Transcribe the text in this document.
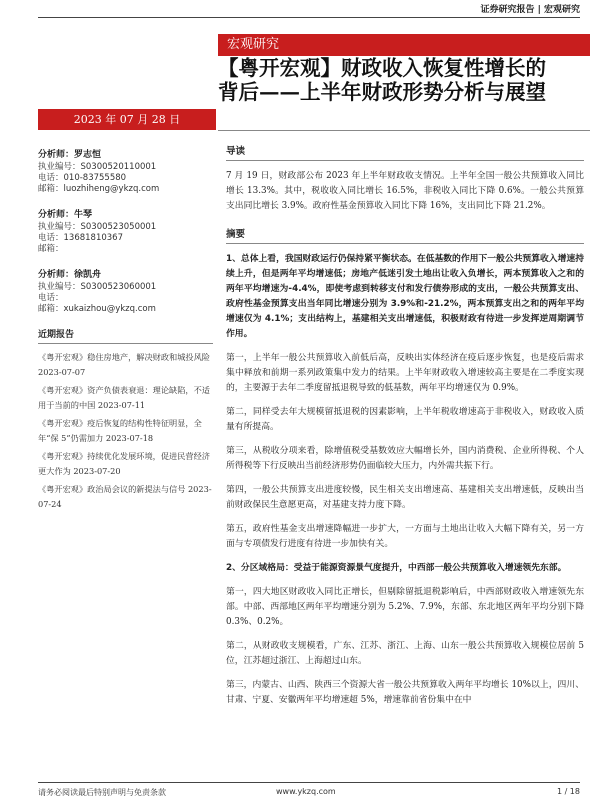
证券研究报告 | 宏观研究
宏观研究
【粤开宏观】财政收入恢复性增长的
背后——上半年财政形势分析与展望
2023 年 07 月 28 日
分析师：罗志恒
执业编号：S0300520110001
电话：010-83755580
邮箱：luozhiheng@ykzq.com
分析师：牛琴
执业编号：S0300523050001
电话：13681810367
邮箱：
分析师：徐凯舟
执业编号：S0300523060001
电话：
邮箱：xukaizhou@ykzq.com
近期报告
《粤开宏观》稳住房地产，解决财政和城投风险 2023-07-07
《粤开宏观》资产负债表衰退：理论缺陷，不适用于当前的中国 2023-07-11
《粤开宏观》疫后恢复的结构性特征明显，全年“保 5”仍需加力 2023-07-18
《粤开宏观》持续优化发展环境，促进民营经济更大作为 2023-07-20
《粤开宏观》政治局会议的新提法与信号 2023-07-24
导读

7 月 19 日，财政部公布 2023 年上半年财政收支情况。上半年全国一般公共预算收入同比增长 13.3%。其中，税收收入同比增长 16.5%，非税收入同比下降 0.6%。一般公共预算支出同比增长 3.9%。政府性基金预算收入同比下降 16%，支出同比下降 21.2%。

摘要

1、总体上看，我国财政运行仍保持紧平衡状态。在低基数的作用下一般公共预算收入增速持续上升，但是两年平均增速低；房地产低迷引发土地出让收入负增长，两本预算收入之和的两年平均增速为-4.4%，即使考虑到转移支付和发行债券形成的支出，一般公共预算支出、政府性基金预算支出当年同比增速分别为 3.9%和-21.2%，两本预算支出之和的两年平均增速仅为 4.1%；支出结构上，基建相关支出增速低，积极财政有待进一步发挥逆周期调节作用。

第一，上半年一般公共预算收入前低后高，反映出实体经济在疫后逐步恢复，也是疫后需求集中释放和前期一系列政策集中发力的结果。上半年财政收入增速较高主要是在二季度实现的，主要源于去年二季度留抵退税导致的低基数，两年平均增速仅为 0.9%。

第二，同样受去年大规模留抵退税的因素影响，上半年税收增速高于非税收入，财政收入质量有所提高。

第三，从税收分项来看，除增值税受基数效应大幅增长外，国内消费税、企业所得税、个人所得税等下行反映出当前经济形势仍面临较大压力，内外需共振下行。

第四，一般公共预算支出进度较慢，民生相关支出增速高、基建相关支出增速低，反映出当前财政保民生意愿更高，对基建支持力度下降。

第五，政府性基金支出增速降幅进一步扩大，一方面与土地出让收入大幅下降有关，另一方面与专项债发行进度有待进一步加快有关。

2、分区域格局：受益于能源资源景气度提升，中西部一般公共预算收入增速领先东部。

第一，四大地区财政收入同比正增长，但剔除留抵退税影响后，中西部财政收入增速领先东部。中部、西部地区两年平均增速分别为 5.2%、7.9%，东部、东北地区两年平均分别下降 0.3%、0.2%。

第二，从财政收支规模看，广东、江苏、浙江、上海、山东一般公共预算收入规模位居前 5 位，江苏超过浙江、上海超过山东。

第三，内蒙古、山西、陕西三个资源大省一般公共预算收入两年平均增长 10%以上，四川、甘肃、宁夏、安徽两年平均增速超 5%，增速靠前省份集中在中

请务必阅读最后特别声明与免责条款	www.ykzq.com	1 / 18
